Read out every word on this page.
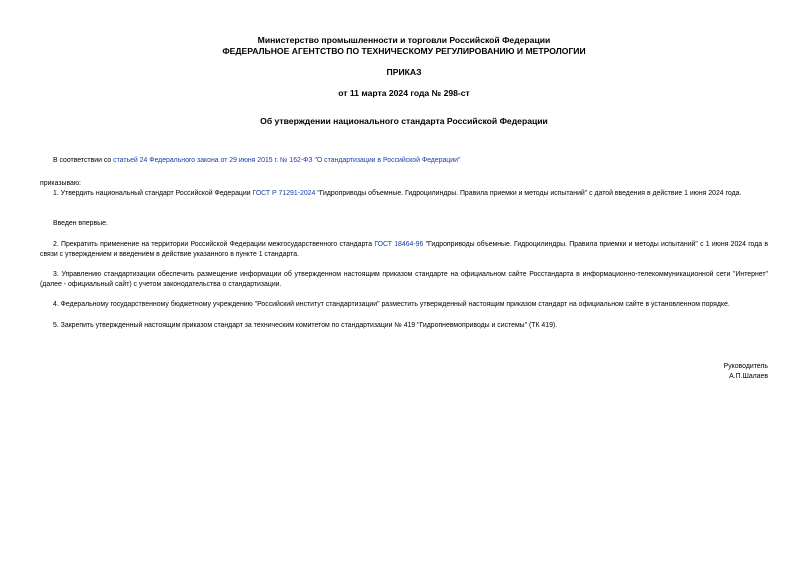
Министерство промышленности и торговли Российской Федерации
ФЕДЕРАЛЬНОЕ АГЕНТСТВО ПО ТЕХНИЧЕСКОМУ РЕГУЛИРОВАНИЮ И МЕТРОЛОГИИ
ПРИКАЗ
от 11 марта 2024 года № 298-ст
Об утверждении национального стандарта Российской Федерации
В соответствии со статьей 24 Федерального закона от 29 июня 2015 г. № 162-ФЗ "О стандартизации в Российской Федерации"
приказываю:
1. Утвердить национальный стандарт Российской Федерации ГОСТ Р 71291-2024 "Гидроприводы объемные. Гидроцилиндры. Правила приемки и методы испытаний" с датой введения в действие 1 июня 2024 года.
Введен впервые.
2. Прекратить применение на территории Российской Федерации межгосударственного стандарта ГОСТ 18464-96 "Гидроприводы объемные. Гидроцилиндры. Правила приемки и методы испытаний" с 1 июня 2024 года в связи с утверждением и введением в действие указанного в пункте 1 стандарта.
3. Управлению стандартизации обеспечить размещение информации об утвержденном настоящим приказом стандарте на официальном сайте Росстандарта в информационно-телекоммуникационной сети "Интернет" (далее - официальный сайт) с учетом законодательства о стандартизации.
4. Федеральному государственному бюджетному учреждению "Российский институт стандартизации" разместить утвержденный настоящим приказом стандарт на официальном сайте в установленном порядке.
5. Закрепить утвержденный настоящим приказом стандарт за техническим комитетом по стандартизации № 419 "Гидропневмоприводы и системы" (ТК 419).
Руководитель
А.П.Шалаев
